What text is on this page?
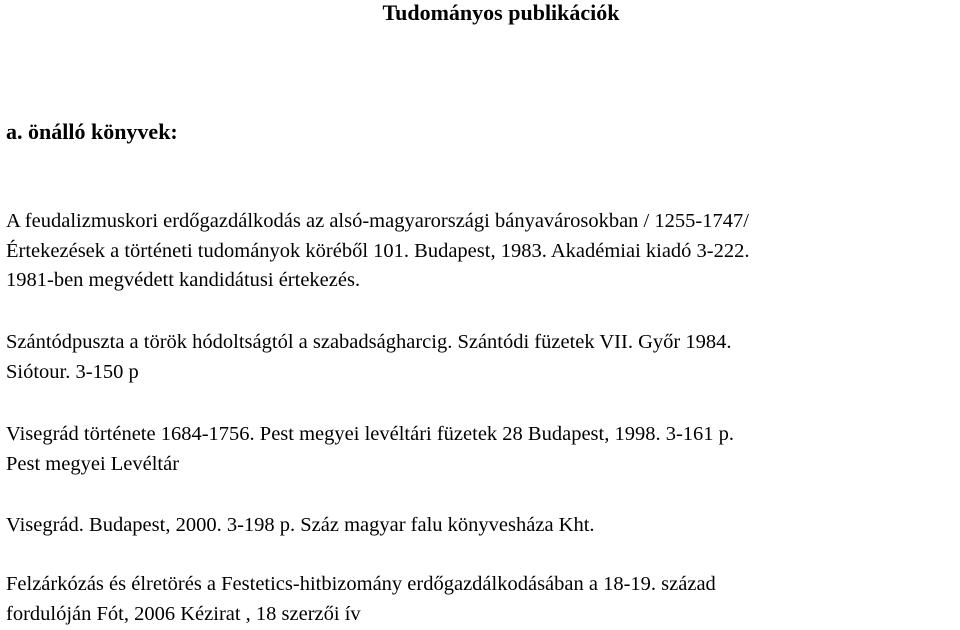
Tudományos publikációk
a. önálló könyvek:
A feudalizmuskori erdőgazdálkodás az alsó-magyarországi bányavárosokban / 1255-1747/
Értekezések a történeti tudományok köréből 101. Budapest, 1983. Akadémiai kiadó 3-222.
1981-ben megvédett kandidátusi értekezés.
Szántódpuszta a török hódoltságtól a szabadságharcig. Szántódi füzetek VII. Győr 1984.
Siótour. 3-150 p
Visegrád története 1684-1756. Pest megyei levéltári füzetek 28 Budapest, 1998. 3-161 p.
Pest megyei Levéltár
Visegrád. Budapest, 2000. 3-198 p. Száz magyar falu könyvesháza Kht.
Felzárkózás és élretörés a Festetics-hitbizomány erdőgazdálkodásában a 18-19. század
fordulóján Fót, 2006 Kézirat , 18 szerzői ív
